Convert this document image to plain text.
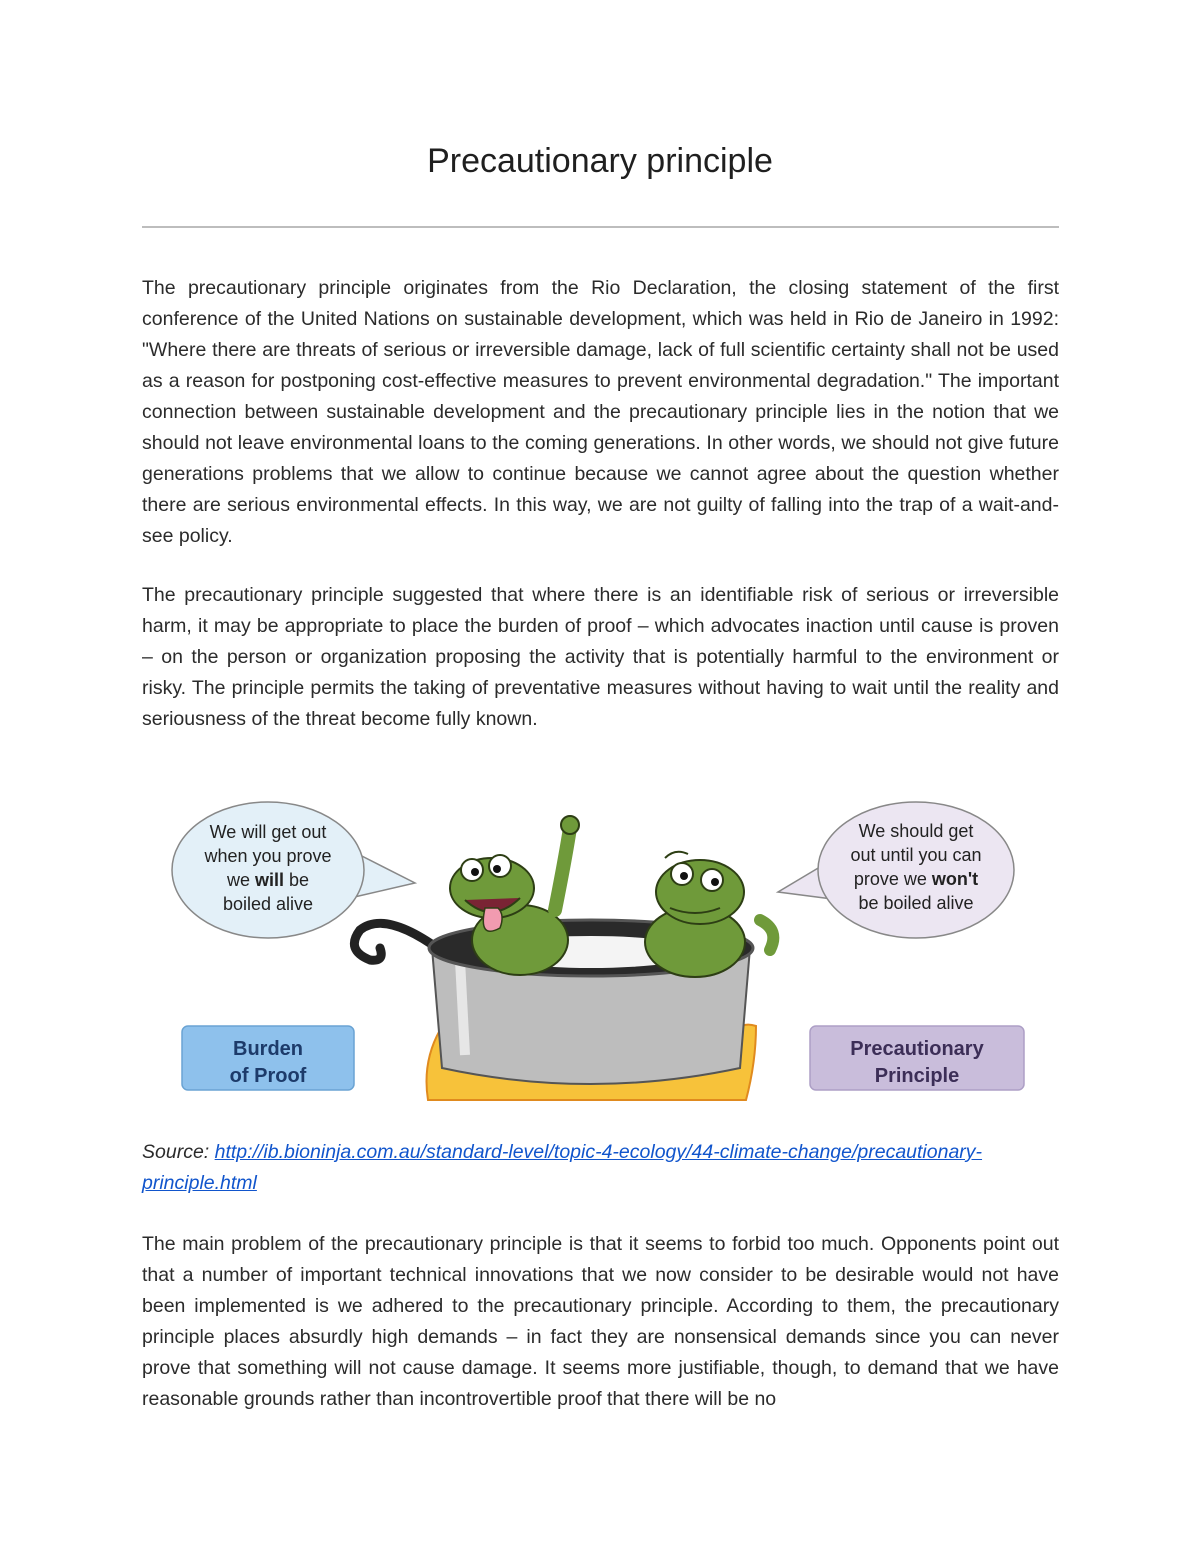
Precautionary principle

The precautionary principle originates from the Rio Declaration, the closing statement of the first conference of the United Nations on sustainable development, which was held in Rio de Janeiro in 1992: "Where there are threats of serious or irreversible damage, lack of full scientific certainty shall not be used as a reason for postponing cost-effective measures to prevent environmental degradation." The important connection between sustainable development and the precautionary principle lies in the notion that we should not leave environmental loans to the coming generations. In other words, we should not give future generations problems that we allow to continue because we cannot agree about the question whether there are serious environmental effects. In this way, we are not guilty of falling into the trap of a wait-and-see policy.

The precautionary principle suggested that where there is an identifiable risk of serious or irreversible harm, it may be appropriate to place the burden of proof – which advocates inaction until cause is proven – on the person or organization proposing the activity that is potentially harmful to the environment or risky. The principle permits the taking of preventative measures without having to wait until the reality and seriousness of the threat become fully known.

We will get out
when you prove
we will be
boiled alive
We should get
out until you can
prove we won't
be boiled alive
Burden
of Proof
Precautionary
Principle

Source: http://ib.bioninja.com.au/standard-level/topic-4-ecology/44-climate-change/precautionary-principle.html

The main problem of the precautionary principle is that it seems to forbid too much. Opponents point out that a number of important technical innovations that we now consider to be desirable would not have been implemented is we adhered to the precautionary principle. According to them, the precautionary principle places absurdly high demands – in fact they are nonsensical demands since you can never prove that something will not cause damage. It seems more justifiable, though, to demand that we have reasonable grounds rather than incontrovertible proof that there will be no
